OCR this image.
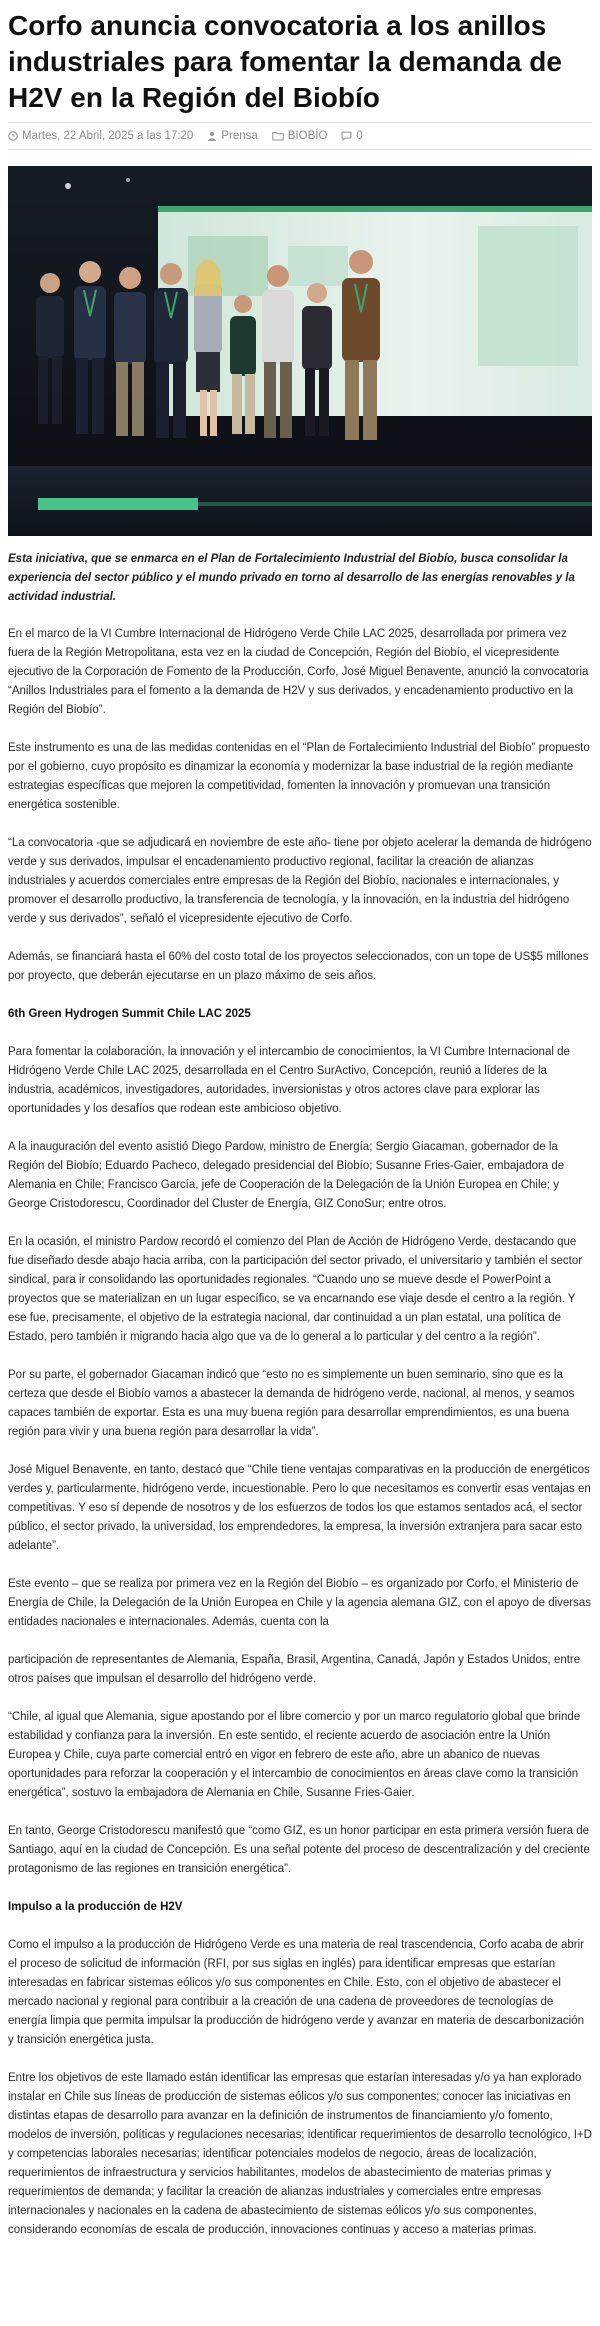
Corfo anuncia convocatoria a los anillos industriales para fomentar la demanda de H2V en la Región del Biobío
Martes, 22 Abril, 2025 a las 17:20 Prensa	BIOBÍO	0

Esta iniciativa, que se enmarca en el Plan de Fortalecimiento Industrial del Biobío, busca consolidar la experiencia del sector público y el mundo privado en torno al desarrollo de las energías renovables y la actividad industrial.

En el marco de la VI Cumbre Internacional de Hidrógeno Verde Chile LAC 2025, desarrollada por primera vez fuera de la Región Metropolitana, esta vez en la ciudad de Concepción, Región del Biobío, el vicepresidente ejecutivo de la Corporación de Fomento de la Producción, Corfo, José Miguel Benavente, anunció la convocatoria “Anillos Industriales para el fomento a la demanda de H2V y sus derivados, y encadenamiento productivo en la Región del Biobío”.

Este instrumento es una de las medidas contenidas en el “Plan de Fortalecimiento Industrial del Biobío” propuesto por el gobierno, cuyo propósito es dinamizar la economía y modernizar la base industrial de la región mediante estrategias específicas que mejoren la competitividad, fomenten la innovación y promuevan una transición energética sostenible.

“La convocatoria -que se adjudicará en noviembre de este año- tiene por objeto acelerar la demanda de hidrógeno verde y sus derivados, impulsar el encadenamiento productivo regional, facilitar la creación de alianzas industriales y acuerdos comerciales entre empresas de la Región del Biobío, nacionales e internacionales, y promover el desarrollo productivo, la transferencia de tecnología, y la innovación, en la industria del hidrógeno verde y sus derivados”, señaló el vicepresidente ejecutivo de Corfo.

Además, se financiará hasta el 60% del costo total de los proyectos seleccionados, con un tope de US$5 millones por proyecto, que deberán ejecutarse en un plazo máximo de seis años.

6th Green Hydrogen Summit Chile LAC 2025

Para fomentar la colaboración, la innovación y el intercambio de conocimientos, la VI Cumbre Internacional de Hidrógeno Verde Chile LAC 2025, desarrollada en el Centro SurActivo, Concepción, reunió a líderes de la industria, académicos, investigadores, autoridades, inversionistas y otros actores clave para explorar las oportunidades y los desafíos que rodean este ambicioso objetivo.

A la inauguración del evento asistió Diego Pardow, ministro de Energía; Sergio Giacaman, gobernador de la Región del Biobío; Eduardo Pacheco, delegado presidencial del Biobío; Susanne Fries-Gaier, embajadora de Alemania en Chile; Francisco García, jefe de Cooperación de la Delegación de la Unión Europea en Chile; y George Cristodorescu, Coordinador del Cluster de Energía, GIZ ConoSur; entre otros.

En la ocasión, el ministro Pardow recordó el comienzo del Plan de Acción de Hidrógeno Verde, destacando que fue diseñado desde abajo hacia arriba, con la participación del sector privado, el universitario y también el sector sindical, para ir consolidando las oportunidades regionales. “Cuando uno se mueve desde el PowerPoint a proyectos que se materializan en un lugar específico, se va encarnando ese viaje desde el centro a la región. Y ese fue, precisamente, el objetivo de la estrategia nacional, dar continuidad a un plan estatal, una política de Estado, pero también ir migrando hacia algo que va de lo general a lo particular y del centro a la región”.

Por su parte, el gobernador Giacaman indicó que “esto no es simplemente un buen seminario, sino que es la certeza que desde el Biobío vamos a abastecer la demanda de hidrógeno verde, nacional, al menos, y seamos capaces también de exportar. Esta es una muy buena región para desarrollar emprendimientos, es una buena región para vivir y una buena región para desarrollar la vida”.

José Miguel Benavente, en tanto, destacó que “Chile tiene ventajas comparativas en la producción de energéticos verdes y, particularmente, hidrógeno verde, incuestionable. Pero lo que necesitamos es convertir esas ventajas en competitivas. Y eso sí depende de nosotros y de los esfuerzos de todos los que estamos sentados acá, el sector público, el sector privado, la universidad, los emprendedores, la empresa, la inversión extranjera para sacar esto adelante”.

Este evento – que se realiza por primera vez en la Región del Biobío – es organizado por Corfo, el Ministerio de Energía de Chile, la Delegación de la Unión Europea en Chile y la agencia alemana GIZ, con el apoyo de diversas entidades nacionales e internacionales. Además, cuenta con la

participación de representantes de Alemania, España, Brasil, Argentina, Canadá, Japón y Estados Unidos, entre otros países que impulsan el desarrollo del hidrógeno verde.

“Chile, al igual que Alemania, sigue apostando por el libre comercio y por un marco regulatorio global que brinde estabilidad y confianza para la inversión. En este sentido, el reciente acuerdo de asociación entre la Unión Europea y Chile, cuya parte comercial entró en vigor en febrero de este año, abre un abanico de nuevas oportunidades para reforzar la cooperación y el intercambio de conocimientos en áreas clave como la transición energética”, sostuvo la embajadora de Alemania en Chile, Susanne Fries-Gaier.

En tanto, George Cristodorescu manifestó que “como GIZ, es un honor participar en esta primera versión fuera de Santiago, aquí en la ciudad de Concepción. Es una señal potente del proceso de descentralización y del creciente protagonismo de las regiones en transición energética”.

Impulso a la producción de H2V

Como el impulso a la producción de Hidrógeno Verde es una materia de real trascendencia, Corfo acaba de abrir el proceso de solicitud de información (RFI, por sus siglas en inglés) para identificar empresas que estarían interesadas en fabricar sistemas eólicos y/o sus componentes en Chile. Esto, con el objetivo de abastecer el mercado nacional y regional para contribuir a la creación de una cadena de proveedores de tecnologías de energía limpia que permita impulsar la producción de hidrógeno verde y avanzar en materia de descarbonización y transición energética justa.

Entre los objetivos de este llamado están identificar las empresas que estarían interesadas y/o ya han explorado instalar en Chile sus líneas de producción de sistemas eólicos y/o sus componentes; conocer las iniciativas en distintas etapas de desarrollo para avanzar en la definición de instrumentos de financiamiento y/o fomento, modelos de inversión, políticas y regulaciones necesarias; identificar requerimientos de desarrollo tecnológico, I+D y competencias laborales necesarias; identificar potenciales modelos de negocio, áreas de localización, requerimientos de infraestructura y servicios habilitantes, modelos de abastecimiento de materias primas y requerimientos de demanda; y facilitar la creación de alianzas industriales y comerciales entre empresas internacionales y nacionales en la cadena de abastecimiento de sistemas eólicos y/o sus componentes, considerando economías de escala de producción, innovaciones continuas y acceso a materias primas.
